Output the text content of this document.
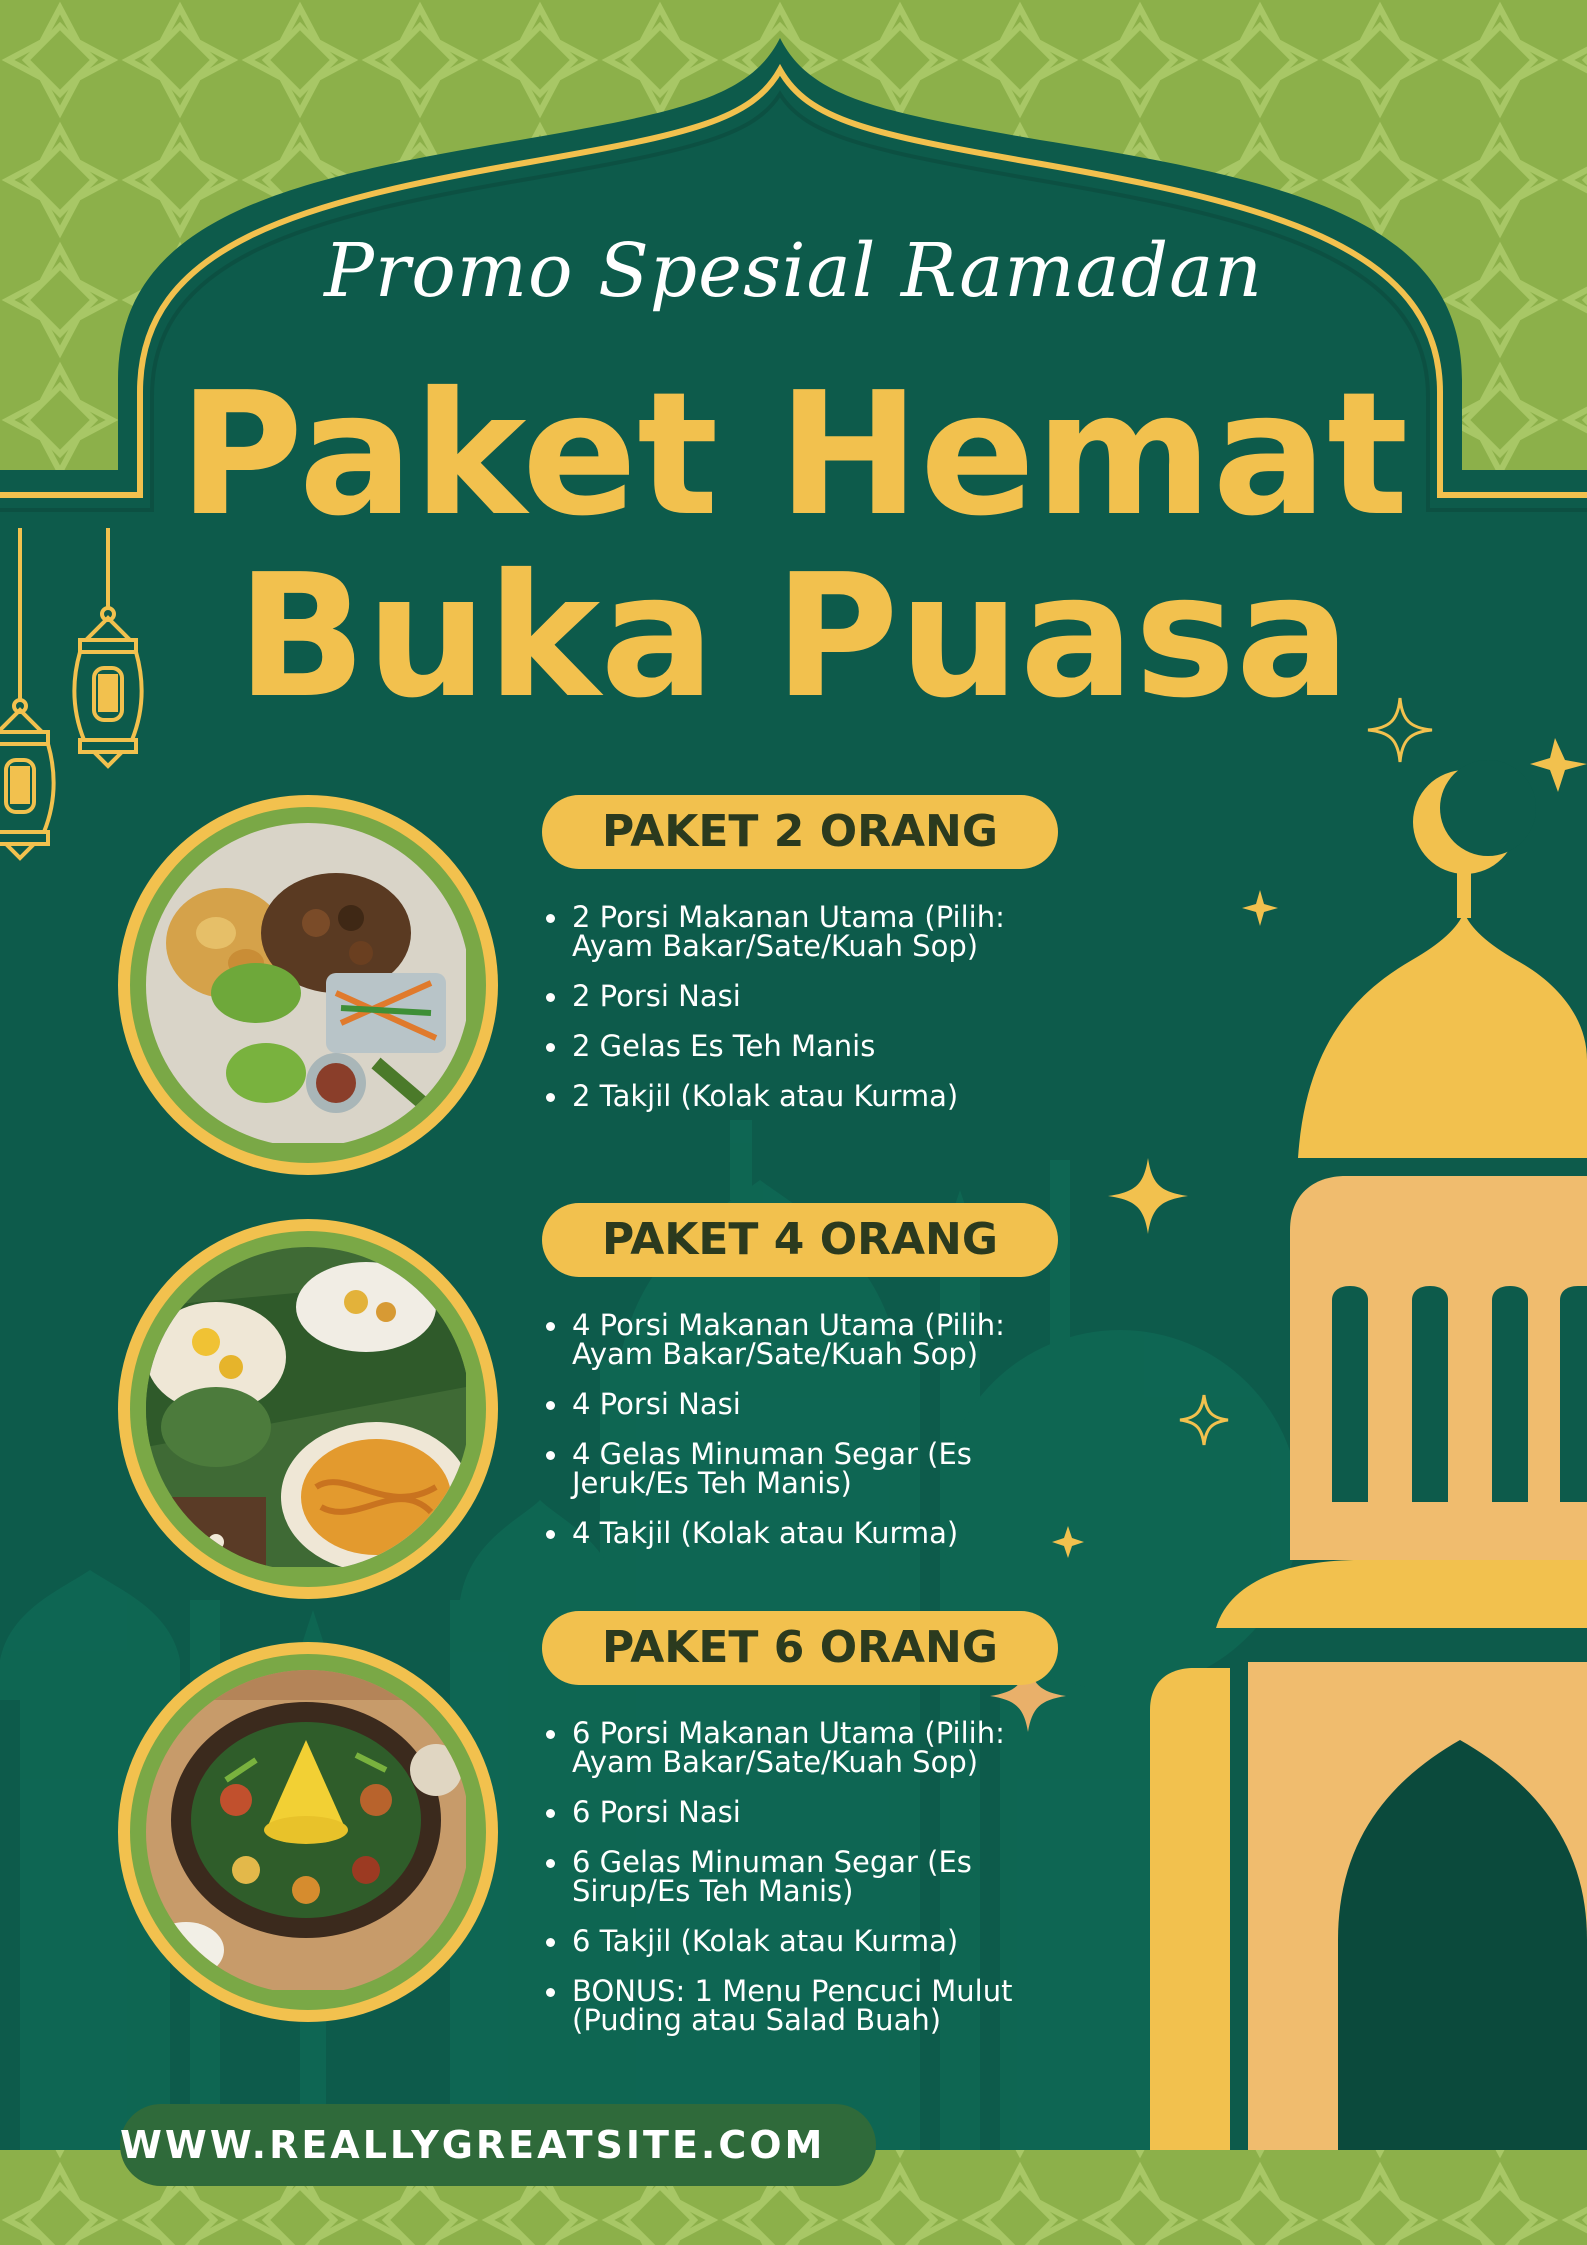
Promo Spesial Ramadan
Paket Hemat
Buka Puasa
PAKET 2 ORANG
2 Porsi Makanan Utama (Pilih: Ayam Bakar/Sate/Kuah Sop)
2 Porsi Nasi
2 Gelas Es Teh Manis
2 Takjil (Kolak atau Kurma)
PAKET 4 ORANG
4 Porsi Makanan Utama (Pilih: Ayam Bakar/Sate/Kuah Sop)
4 Porsi Nasi
4 Gelas Minuman Segar (Es Jeruk/Es Teh Manis)
4 Takjil (Kolak atau Kurma)
PAKET 6 ORANG
6 Porsi Makanan Utama (Pilih: Ayam Bakar/Sate/Kuah Sop)
6 Porsi Nasi
6 Gelas Minuman Segar (Es Sirup/Es Teh Manis)
6 Takjil (Kolak atau Kurma)
BONUS: 1 Menu Pencuci Mulut (Puding atau Salad Buah)
WWW.REALLYGREATSITE.COM
